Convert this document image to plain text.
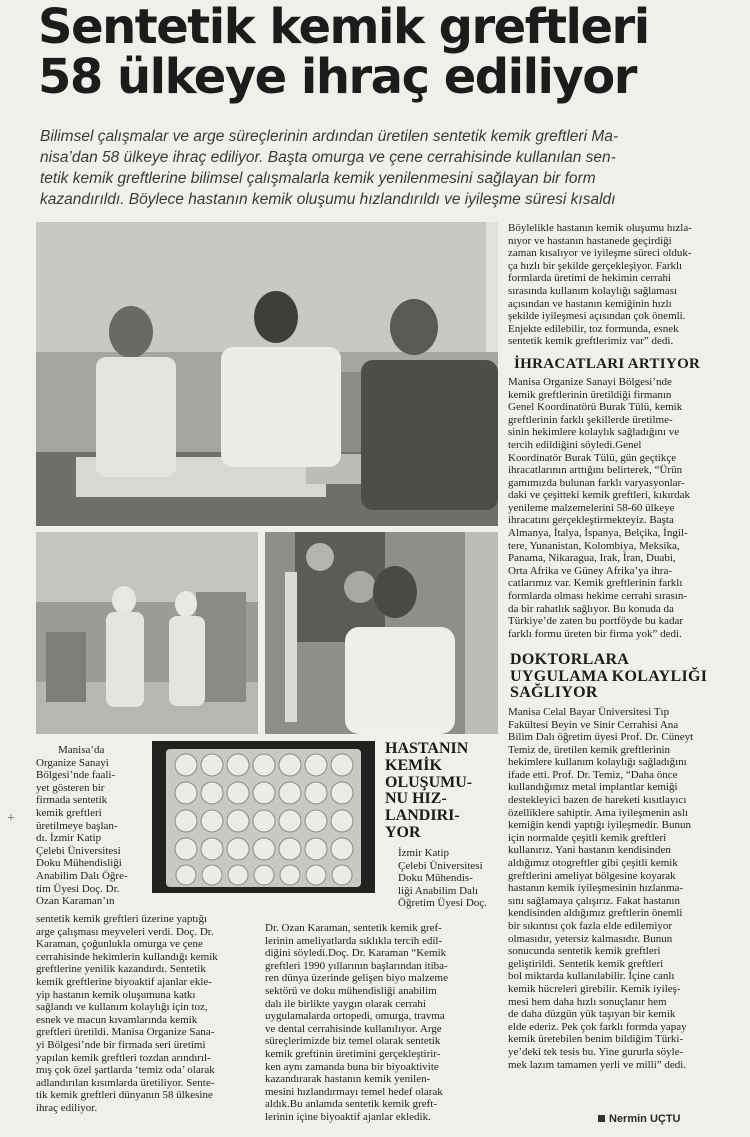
Sentetik kemik greftleri
58 ülkeye ihraç ediliyor
Bilimsel çalışmalar ve arge süreçlerinin ardından üretilen sentetik kemik greftleri Ma-
nisa’dan 58 ülkeye ihraç ediliyor. Başta omurga ve çene cerrahisinde kullanılan sen-
tetik kemik greftlerine bilimsel çalışmalarla kemik yenilenmesini sağlayan bir form
kazandırıldı. Böylece hastanın kemik oluşumu hızlandırıldı ve iyileşme süresi kısaldı

Böylelikle hastanın kemik oluşumu hızla-
nıyor ve hastanın hastanede geçirdiği
zaman kısalıyor ve iyileşme süreci olduk-
ça hızlı bir şekilde gerçekleşiyor. Farklı
formlarda üretimi de hekimin cerrahi
sırasında kullanım kolaylığı sağlaması
açısından ve hastanın kemiğinin hızlı
şekilde iyileşmesi açısından çok önemli.
Enjekte edilebilir, toz formunda, esnek
sentetik kemik greftlerimiz var” dedi.

İHRACATLARI ARTIYOR

Manisa Organize Sanayi Bölgesi’nde
kemik greftlerinin üretildiği firmanın
Genel Koordinatörü Burak Tülü, kemik
greftlerinin farklı şekillerde üretilme-
sinin hekimlere kolaylık sağladığını ve
tercih edildiğini söyledi.Genel
Koordinatör Burak Tülü, gün geçtikçe
ihracatlarının arttığını belirterek, “Ürün
gamımızda bulunan farklı varyasyonlar-
daki ve çeşitteki kemik greftleri, kıkırdak
yenileme malzemelerini 58-60 ülkeye
ihracatını gerçekleştirmekteyiz. Başta
Almanya, İtalya, İspanya, Belçika, İngil-
tere, Yunanistan, Kolombiya, Meksika,
Panama, Nikaragua, Irak, İran, Duabi,
Orta Afrika ve Güney Afrika’ya ihra-
catlarımız var. Kemik greftlerinin farklı
formlarda olması hekime cerrahi sırasın-
da bir rahatlık sağlıyor. Bu konuda da
Türkiye’de zaten bu portföyde bu kadar
farklı formu üreten bir firma yok” dedi.

DOKTORLARA
UYGULAMA KOLAYLIĞI
SAĞLIYOR

Manisa Celal Bayar Üniversitesi Tıp
Fakültesi Beyin ve Sinir Cerrahisi Ana
Bilim Dalı öğretim üyesi Prof. Dr. Cüneyt
Temiz de, üretilen kemik greftlerinin
hekimlere kullanım kolaylığı sağladığını
ifade etti. Prof. Dr. Temiz, “Daha önce
kullandığımız metal implantlar kemiği
destekleyici bazen de hareketi kısıtlayıcı
özelliklere sahiptir. Ama iyileşmenin aslı
kemiğin kendi yaptığı iyileşmedir. Bunun
için normalde çeşitli kemik greftleri
kullanırız. Yani hastanın kendisinden
aldığımız otogreftler gibi çeşitli kemik
greftlerini ameliyat bölgesine koyarak
hastanın kemik iyileşmesinin hızlanma-
sını sağlamaya çalışırız. Fakat hastanın
kendisinden aldığımız greftlerin önemli
bir sıkıntısı çok fazla elde edilemiyor
olmasıdır, yetersiz kalmasıdır. Bunun
sonucunda sentetik kemik greftleri
geliştirildi. Sentetik kemik greftleri
bol miktarda kullanılabilir. İçine canlı
kemik hücreleri girebilir. Kemik iyileş-
mesi hem daha hızlı sonuçlanır hem
de daha düzgün yük taşıyan bir kemik
elde ederiz. Pek çok farklı formda yapay
kemik üretebilen benim bildiğim Türki-
ye’deki tek tesis bu. Yine gururla söyle-
mek lazım tamamen yerli ve milli” dedi.

Manisa’da
Organize Sanayi
Bölgesi’nde faali-
yet gösteren bir
firmada sentetik
kemik greftleri
üretilmeye başlan-
dı. İzmir Katip
Çelebi Üniversitesi
Doku Mühendisliği
Anabilim Dalı Öğre-
tim Üyesi Doç. Dr.
Ozan Karaman’ın
sentetik kemik greftleri üzerine yaptığı
arge çalışması meyveleri verdi. Doç. Dr.
Karaman, çoğunlukla omurga ve çene
cerrahisinde hekimlerin kullandığı kemik
greftlerine yenilik kazandırdı. Sentetik
kemik greftlerine biyoaktif ajanlar ekle-
yip hastanın kemik oluşumuna katkı
sağlandı ve kullanım kolaylığı için toz,
esnek ve macun kıvamlarında kemik
greftleri üretildi. Manisa Organize Sana-
yi Bölgesi’nde bir firmada seri üretimi
yapılan kemik greftleri tozdan arındırıl-
mış çok özel şartlarda ‘temiz oda’ olarak
adlandırılan kısımlarda üretiliyor. Sente-
tik kemik greftleri dünyanın 58 ülkesine
ihraç ediliyor.
HASTANIN
KEMİK
OLUŞUMU-
NU HIZ-
LANDIRI-
YOR
İzmir Katip
Çelebi Üniversitesi
Doku Mühendis-
liği Anabilim Dalı
Öğretim Üyesi Doç.
Dr. Ozan Karaman, sentetik kemik gref-
lerinin ameliyatlarda sıklıkla tercih edil-
diğini söyledi.Doç. Dr. Karaman “Kemik
greftleri 1990 yıllarının başlarından itiba-
ren dünya üzerinde gelişen biyo malzeme
sektörü ve doku mühendisliği anabilim
dalı ile birlikte yaygın olarak cerrahi
uygulamalarda ortopedi, omurga, travma
ve dental cerrahisinde kullanılıyor. Arge
süreçlerimizde biz temel olarak sentetik
kemik greftinin üretimini gerçekleştirir-
ken aynı zamanda buna bir biyoaktivite
kazandırarak hastanın kemik yenilen-
mesini hızlandırmayı temel hedef olarak
aldık.Bu anlamda sentetik kemik greft-
lerinin içine biyoaktif ajanlar ekledik.
+
Nermin UÇTU
